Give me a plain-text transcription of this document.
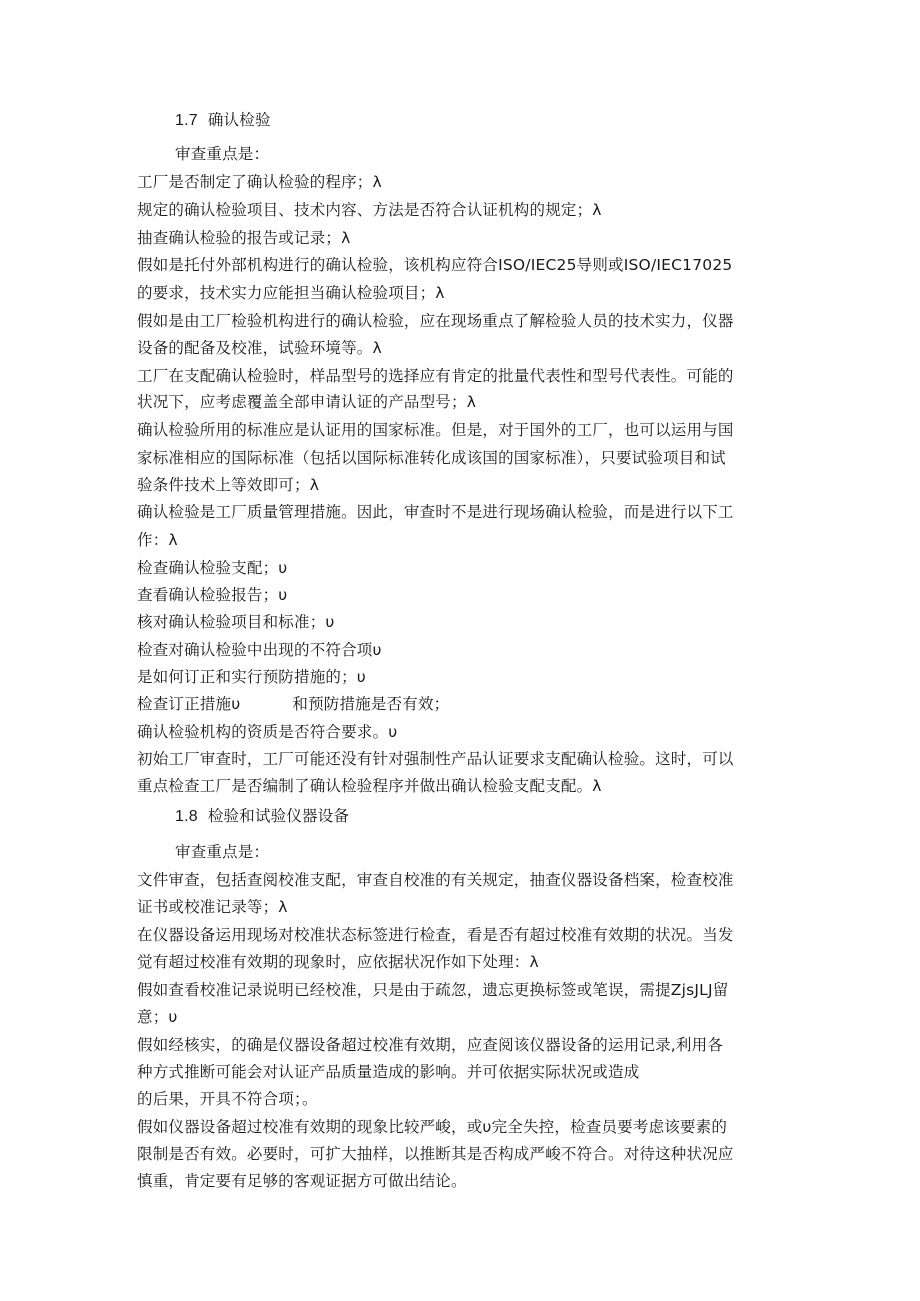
1.7 确认检验

审查重点是：

工厂是否制定了确认检验的程序；λ

规定的确认检验项目、技术内容、方法是否符合认证机构的规定；λ

抽查确认检验的报告或记录；λ

假如是托付外部机构进行的确认检验，该机构应符合ISO/IEC25导则或ISO/IEC17025

的要求，技术实力应能担当确认检验项目；λ

假如是由工厂检验机构进行的确认检验，应在现场重点了解检验人员的技术实力，仪器

设备的配备及校准，试验环境等。λ

工厂在支配确认检验时，样品型号的选择应有肯定的批量代表性和型号代表性。可能的

状况下，应考虑覆盖全部申请认证的产品型号；λ

确认检验所用的标准应是认证用的国家标准。但是，对于国外的工厂，也可以运用与国

家标准相应的国际标准（包括以国际标准转化成该国的国家标准），只要试验项目和试

验条件技术上等效即可；λ

确认检验是工厂质量管理措施。因此，审查时不是进行现场确认检验，而是进行以下工

作：λ

检查确认检验支配；υ

查看确认检验报告；υ

核对确认检验项目和标准；υ

检查对确认检验中出现的不符合项υ

是如何订正和实行预防措施的；υ

检查订正措施υ	和预防措施是否有效；

确认检验机构的资质是否符合要求。υ

初始工厂审查时，工厂可能还没有针对强制性产品认证要求支配确认检验。这时，可以

重点检查工厂是否编制了确认检验程序并做出确认检验支配支配。λ

1.8 检验和试验仪器设备

审查重点是：

文件审查，包括查阅校准支配，审查自校准的有关规定，抽查仪器设备档案，检查校准

证书或校准记录等；λ

在仪器设备运用现场对校准状态标签进行检查，看是否有超过校准有效期的状况。当发

觉有超过校准有效期的现象时，应依据状况作如下处理：λ

假如查看校准记录说明已经校准，只是由于疏忽，遗忘更换标签或笔误，需提ZjsJLJ留

意；υ

假如经核实，的确是仪器设备超过校准有效期，应查阅该仪器设备的运用记录,利用各

种方式推断可能会对认证产品质量造成的影响。并可依据实际状况或造成

的后果，开具不符合项；。

假如仪器设备超过校准有效期的现象比较严峻，或υ完全失控，检查员要考虑该要素的

限制是否有效。必要时，可扩大抽样，以推断其是否构成严峻不符合。对待这种状况应

慎重，肯定要有足够的客观证据方可做出结论。
